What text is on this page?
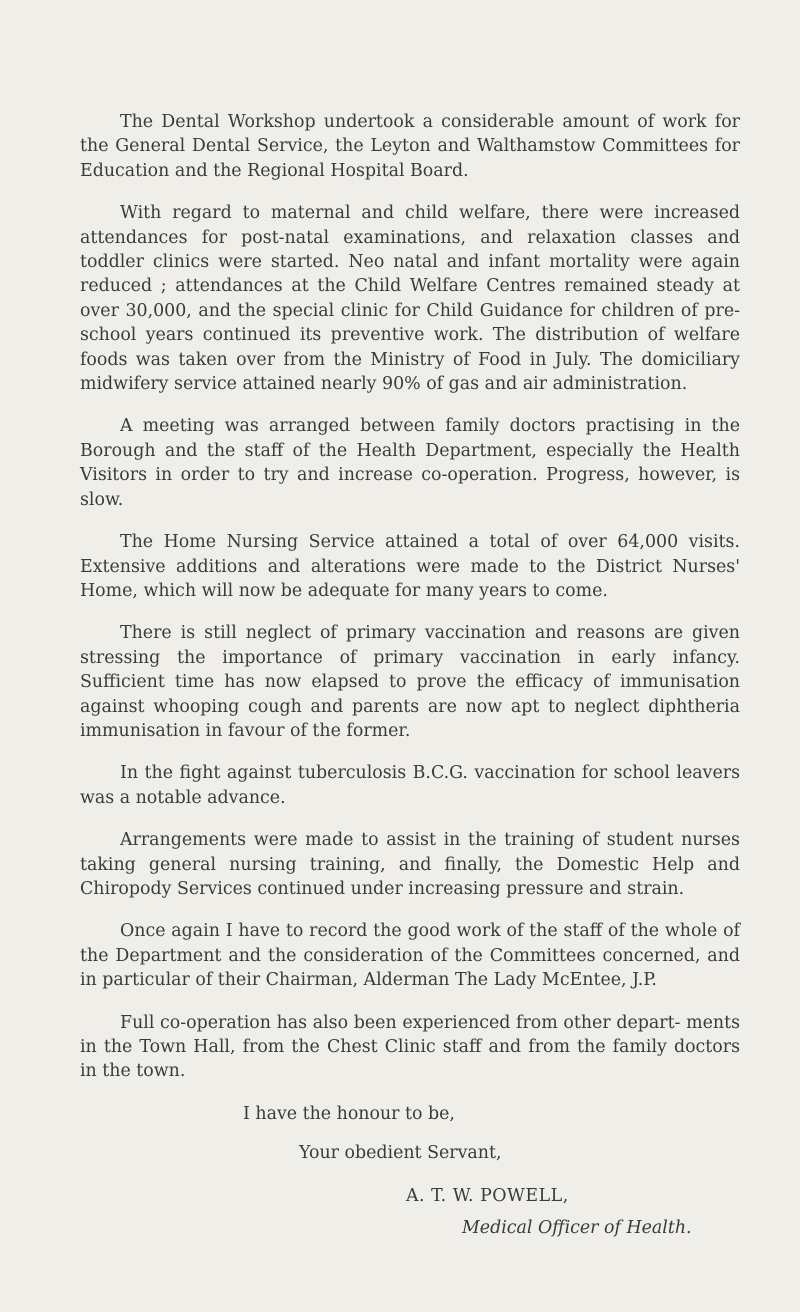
The Dental Workshop undertook a considerable amount of work for the General Dental Service, the Leyton and Walthamstow Committees for Education and the Regional Hospital Board.

With regard to maternal and child welfare, there were increased attendances for post-natal examinations, and relaxation classes and toddler clinics were started. Neo natal and infant mortality were again reduced ; attendances at the Child Welfare Centres remained steady at over 30,000, and the special clinic for Child Guidance for children of pre-school years continued its preventive work. The distribution of welfare foods was taken over from the Ministry of Food in July. The domiciliary midwifery service attained nearly 90% of gas and air administration.

A meeting was arranged between family doctors practising in the Borough and the staff of the Health Department, especially the Health Visitors in order to try and increase co-operation. Progress, however, is slow.

The Home Nursing Service attained a total of over 64,000 visits. Extensive additions and alterations were made to the District Nurses' Home, which will now be adequate for many years to come.

There is still neglect of primary vaccination and reasons are given stressing the importance of primary vaccination in early infancy. Sufficient time has now elapsed to prove the efficacy of immunisation against whooping cough and parents are now apt to neglect diphtheria immunisation in favour of the former.

In the fight against tuberculosis B.C.G. vaccination for school leavers was a notable advance.

Arrangements were made to assist in the training of student nurses taking general nursing training, and finally, the Domestic Help and Chiropody Services continued under increasing pressure and strain.

Once again I have to record the good work of the staff of the whole of the Department and the consideration of the Committees concerned, and in particular of their Chairman, Alderman The Lady McEntee, J.P.

Full co-operation has also been experienced from other depart- ments in the Town Hall, from the Chest Clinic staff and from the family doctors in the town.

I have the honour to be,
Your obedient Servant,
A. T. W. POWELL,
Medical Officer of Health.
